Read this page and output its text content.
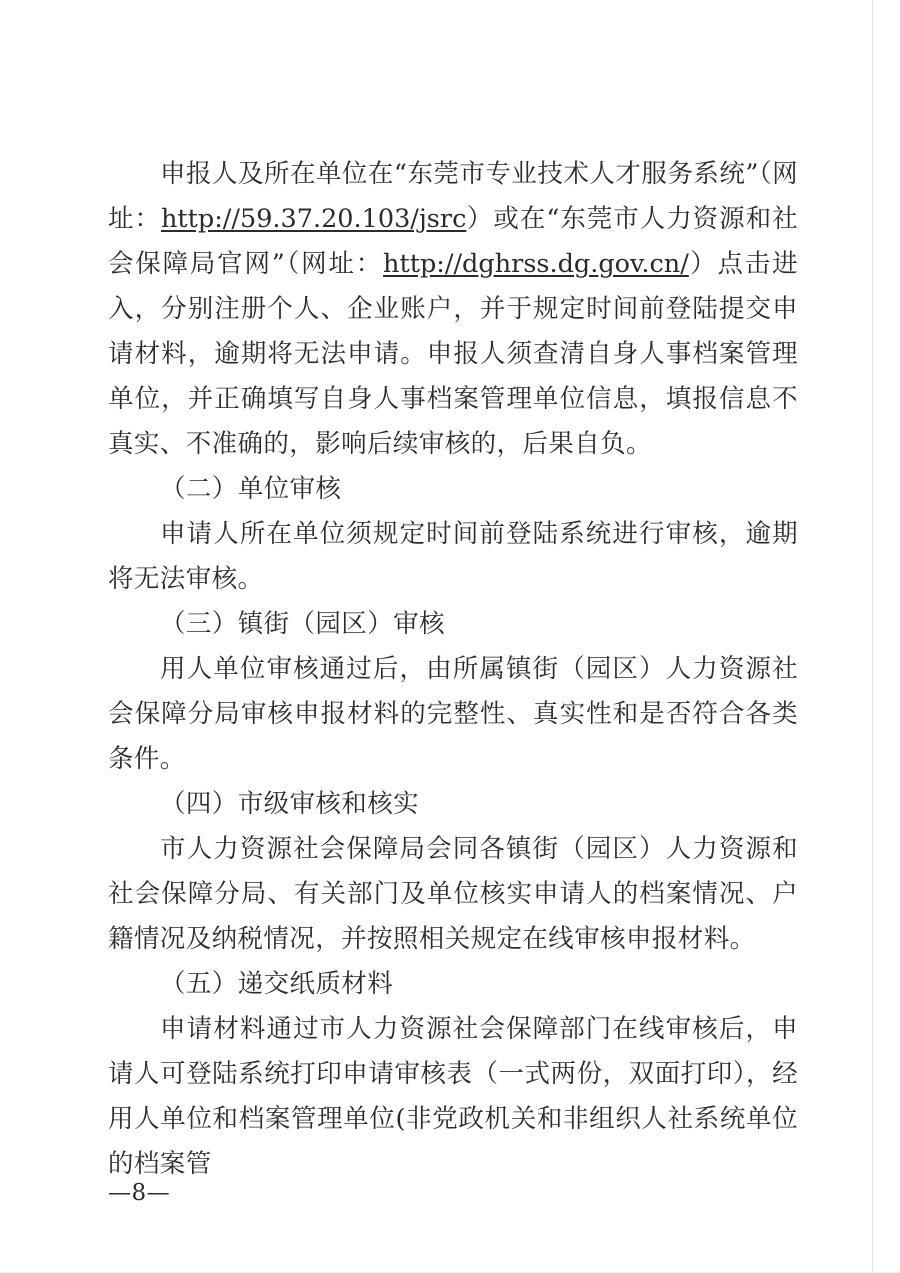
申报人及所在单位在“东莞市专业技术人才服务系统”（网址：http://59.37.20.103/jsrc）或在“东莞市人力资源和社会保障局官网”（网址：http://dghrss.dg.gov.cn/）点击进入，分别注册个人、企业账户，并于规定时间前登陆提交申请材料，逾期将无法申请。申报人须查清自身人事档案管理单位，并正确填写自身人事档案管理单位信息，填报信息不真实、不准确的，影响后续审核的，后果自负。

（二）单位审核

申请人所在单位须规定时间前登陆系统进行审核，逾期将无法审核。

（三）镇街（园区）审核

用人单位审核通过后，由所属镇街（园区）人力资源社会保障分局审核申报材料的完整性、真实性和是否符合各类条件。

（四）市级审核和核实

市人力资源社会保障局会同各镇街（园区）人力资源和社会保障分局、有关部门及单位核实申请人的档案情况、户籍情况及纳税情况，并按照相关规定在线审核申报材料。

（五）递交纸质材料

申请材料通过市人力资源社会保障部门在线审核后，申请人可登陆系统打印申请审核表（一式两份，双面打印），经用人单位和档案管理单位(非党政机关和非组织人社系统单位的档案管

—8—
